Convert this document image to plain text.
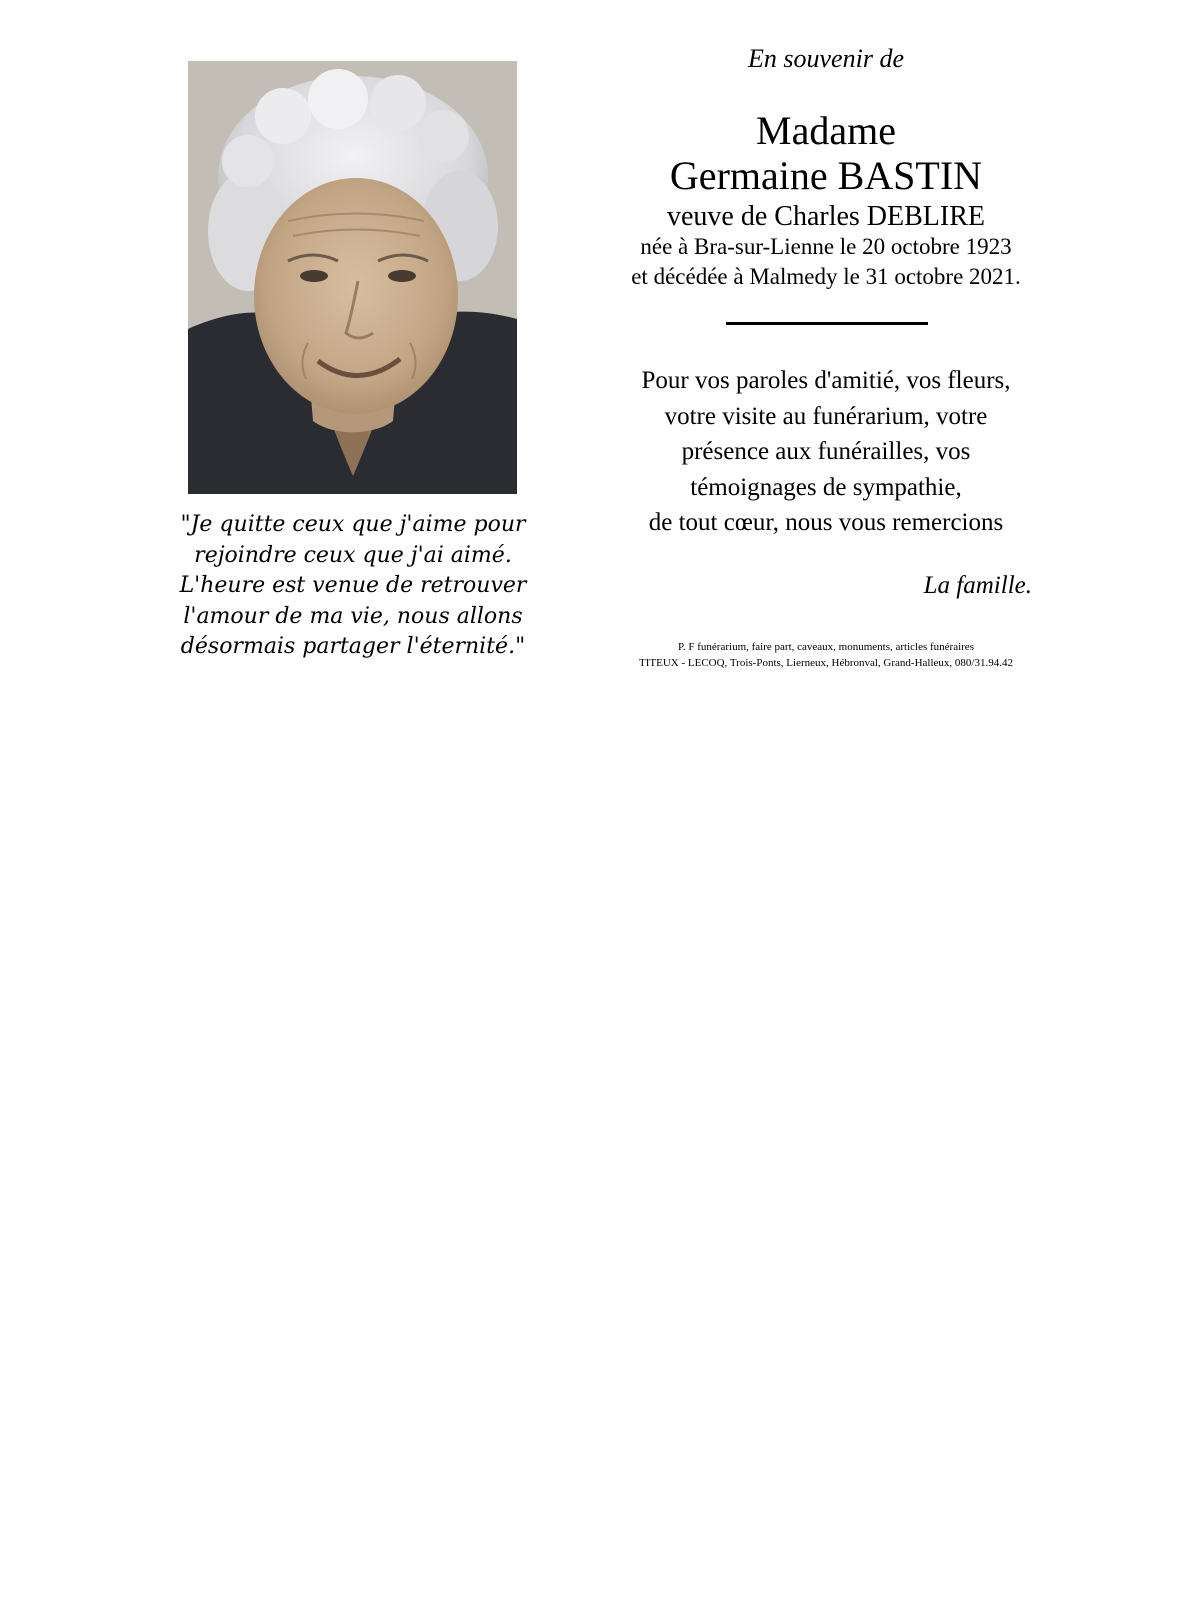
"Je quitte ceux que j'aime pour
rejoindre ceux que j'ai aimé.
L'heure est venue de retrouver
l'amour de ma vie, nous allons
désormais partager l'éternité."
En souvenir de
Madame
Germaine BASTIN
veuve de Charles DEBLIRE
née à Bra-sur-Lienne le 20 octobre 1923
et décédée à Malmedy le 31 octobre 2021.
Pour vos paroles d'amitié, vos fleurs,
votre visite au funérarium, votre
présence aux funérailles, vos
témoignages de sympathie,
de tout cœur, nous vous remercions
La famille.
P. F funérarium, faire part, caveaux, monuments, articles funéraires
TITEUX - LECOQ, Trois-Ponts, Lierneux, Hébronval, Grand-Halleux, 080/31.94.42
